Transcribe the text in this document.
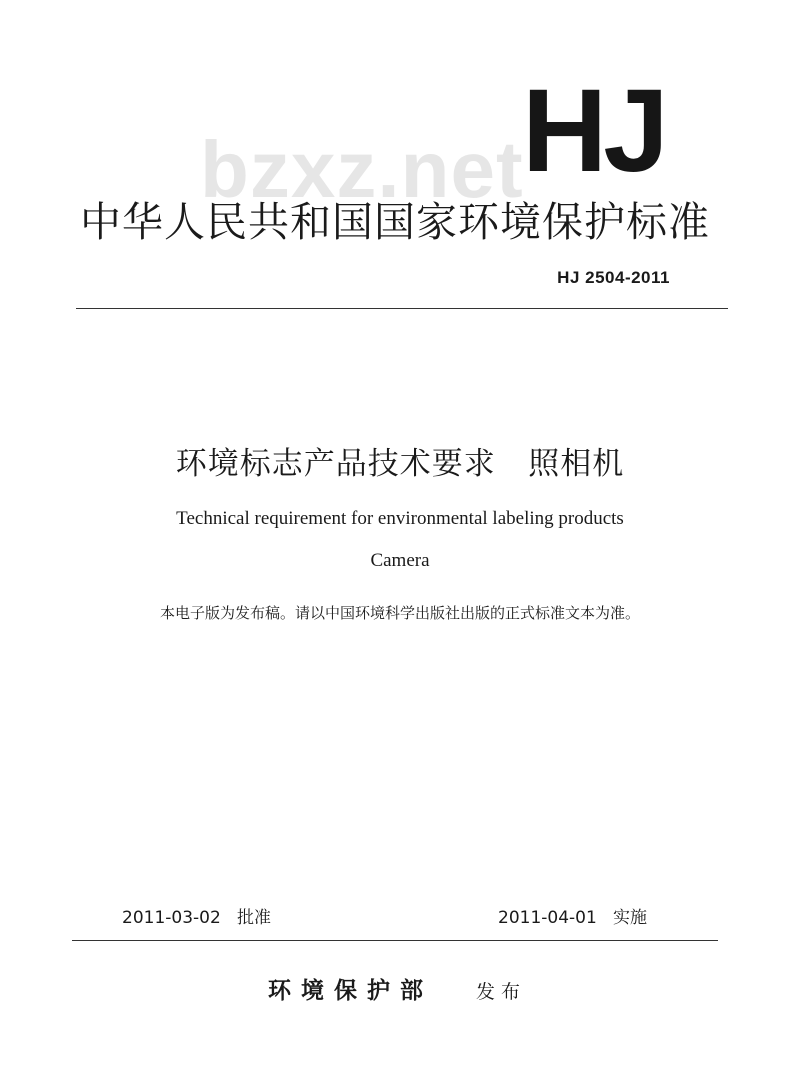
bzxz.net
HJ
中华人民共和国国家环境保护标准
HJ 2504-2011
环境标志产品技术要求   照相机
Technical requirement for environmental labeling products
Camera
本电子版为发布稿。请以中国环境科学出版社出版的正式标准文本为准。
2011-03-02   批准	2011-04-01   实施
环境保护部 发布
